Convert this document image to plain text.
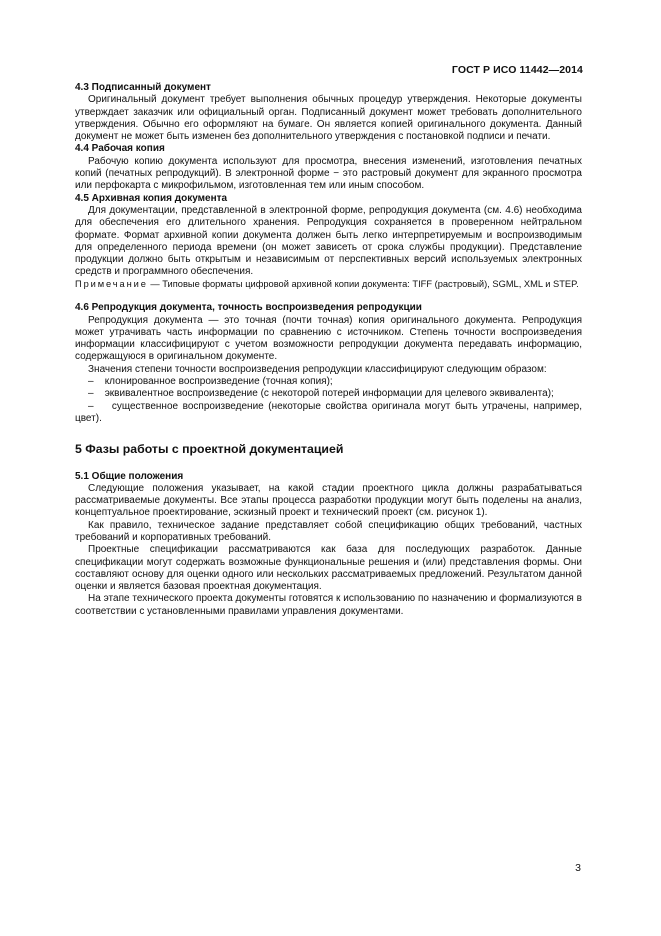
ГОСТ Р ИСО 11442—2014
4.3 Подписанный документ

Оригинальный документ требует выполнения обычных процедур утверждения. Некоторые документы утверждает заказчик или официальный орган. Подписанный документ может требовать дополнительного утверждения. Обычно его оформляют на бумаге. Он является копией оригинального документа. Данный документ не может быть изменен без дополнительного утверждения с постановкой подписи и печати.

4.4 Рабочая копия

Рабочую копию документа используют для просмотра, внесения изменений, изготовления печатных копий (печатных репродукций). В электронной форме − это растровый документ для экранного просмотра или перфокарта с микрофильмом, изготовленная тем или иным способом.

4.5 Архивная копия документа

Для документации, представленной в электронной форме, репродукция документа (см. 4.6) необходима для обеспечения его длительного хранения. Репродукция сохраняется в проверенном нейтральном формате. Формат архивной копии документа должен быть легко интерпретируемым и воспроизводимым для определенного периода времени (он может зависеть от срока службы продукции). Представление продукции должно быть открытым и независимым от перспективных версий используемых электронных средств и программного обеспечения.

Примечание — Типовые форматы цифровой архивной копии документа: TIFF (растровый), SGML, XML и STEP.

4.6 Репродукция документа, точность воспроизведения репродукции

Репродукция документа — это точная (почти точная) копия оригинального документа. Репродукция может утрачивать часть информации по сравнению с источником. Степень точности воспроизведения информации классифицируют с учетом возможности репродукции документа передавать информацию, содержащуюся в оригинальном документе.

Значения степени точности воспроизведения репродукции классифицируют следующим образом:

– клонированное воспроизведение (точная копия);
– эквивалентное воспроизведение (с некоторой потерей информации для целевого эквивалента);
– существенное воспроизведение (некоторые свойства оригинала могут быть утрачены, например, цвет).
5 Фазы работы с проектной документацией
5.1 Общие положения

Следующие положения указывает, на какой стадии проектного цикла должны разрабатываться рассматриваемые документы. Все этапы процесса разработки продукции могут быть поделены на анализ, концептуальное проектирование, эскизный проект и технический проект (см. рисунок 1).

Как правило, техническое задание представляет собой спецификацию общих требований, частных требований и корпоративных требований.

Проектные спецификации рассматриваются как база для последующих разработок. Данные спецификации могут содержать возможные функциональные решения и (или) представления формы. Они составляют основу для оценки одного или нескольких рассматриваемых предложений. Результатом данной оценки и является базовая проектная документация.

На этапе технического проекта документы готовятся к использованию по назначению и формализуются в соответствии с установленными правилами управления документами.

3
